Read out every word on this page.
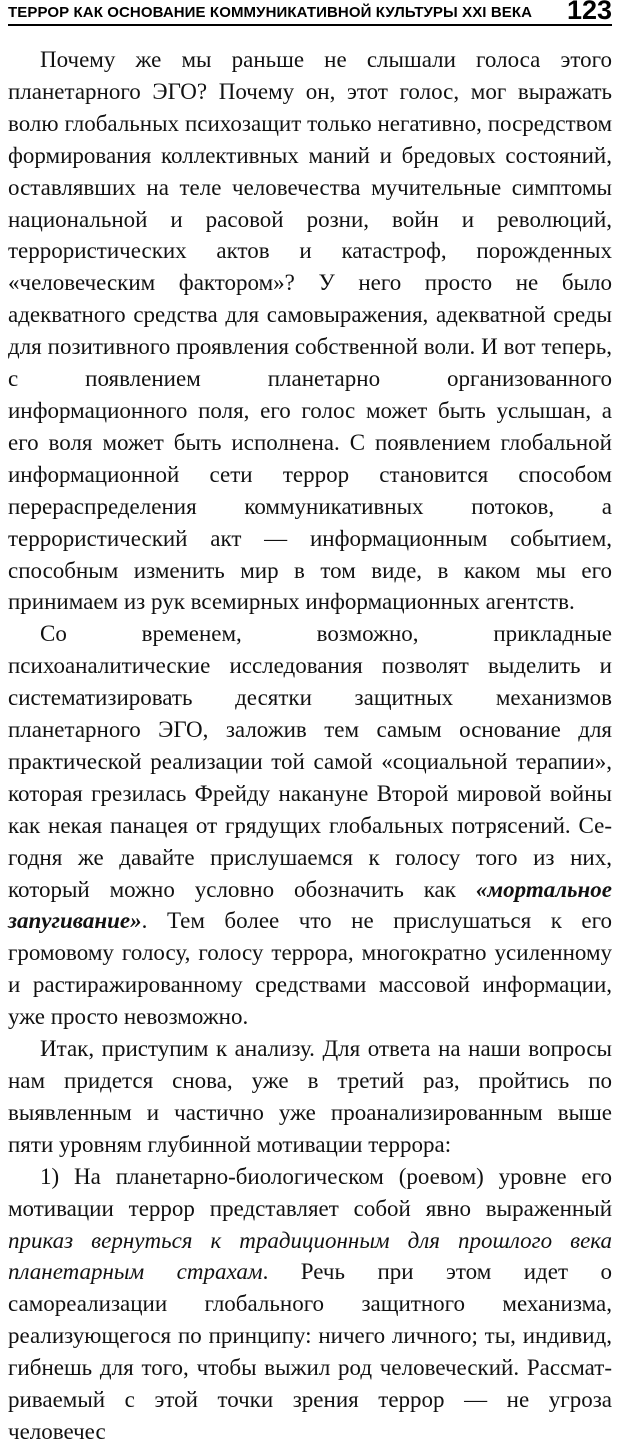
ТЕРРОР КАК ОСНОВАНИЕ КОММУНИКАТИВНОЙ КУЛЬТУРЫ XXI ВЕКА 123

Почему же мы раньше не слышали голоса этого планетарного ЭГО? Почему он, этот голос, мог выражать волю глобальных психозащит только негативно, посредством формирования коллективных маний и бредовых состояний, оставлявших на теле человечества мучительные симптомы национальной и расовой розни, войн и революций, террористических актов и катастроф, порожденных «человеческим фактором»? У него просто не было адекватного средства для самовыражения, адекватной среды для позитивного проявления собственной воли. И вот теперь, с появлением планетарно организованного информационного поля, его голос может быть услышан, а его воля может быть исполнена. С появлением глобальной информационной сети террор становится способом перераспределения коммуникативных потоков, а террористический акт — информационным событием, способным изменить мир в том виде, в каком мы его принимаем из рук всемирных информационных агентств.

Со временем, возможно, прикладные психоаналитические исследования позволят выделить и систематизировать десятки защитных механизмов планетарного ЭГО, заложив тем самым основание для практической реализации той самой «социальной терапии», которая грезилась Фрейду накануне Второй мировой войны как некая панацея от грядущих глобальных потрясений. Сегодня же давайте прислушаемся к голосу того из них, который можно условно обозначить как «мортальное запугивание». Тем более что не прислушаться к его громовому голосу, голосу террора, многократно усиленному и растиражированному средствами массовой информации, уже просто невозможно.

Итак, приступим к анализу. Для ответа на наши вопросы нам придется снова, уже в третий раз, пройтись по выявленным и частично уже проанализированным выше пяти уровням глубинной мотивации террора:

1) На планетарно-биологическом (роевом) уровне его мотивации террор представляет собой явно выраженный приказ вернуться к традиционным для прошлого века планетарным страхам. Речь при этом идет о самореализации глобального защитного механизма, реализующегося по принципу: ничего личного; ты, индивид, гибнешь для того, чтобы выжил род человеческий. Рассматриваемый с этой точки зрения террор — не угроза человечес
